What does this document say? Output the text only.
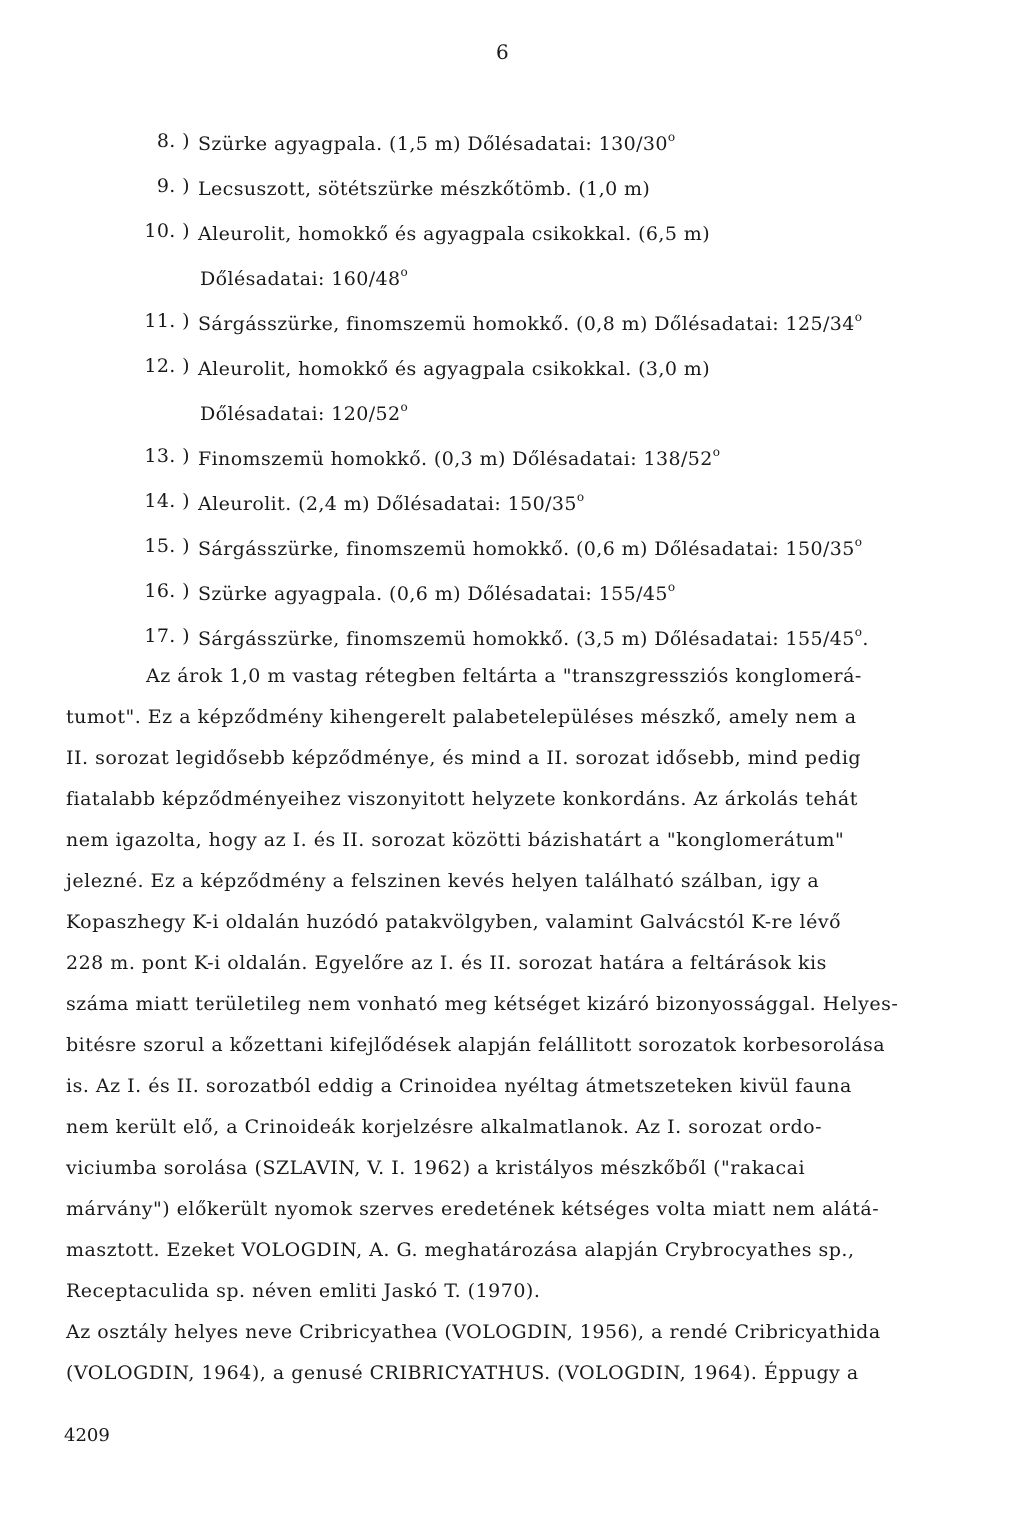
6
8. ) Szürke agyagpala. (1,5 m) Dőlésadatai: 130/30$^o$
9. ) Lecsuszott, sötétszürke mészkőtömb. (1,0 m)
10. ) Aleurolit, homokkő és agyagpala csikokkal. (6,5 m)
Dőlésadatai: 160/48$^o$
11. ) Sárgásszürke, finomszemü homokkő. (0,8 m) Dőlésadatai: 125/34$^o$
12. ) Aleurolit, homokkő és agyagpala csikokkal. (3,0 m)
Dőlésadatai: 120/52$^o$
13. ) Finomszemü homokkő. (0,3 m) Dőlésadatai: 138/52$^o$
14. ) Aleurolit. (2,4 m) Dőlésadatai: 150/35$^o$
15. ) Sárgásszürke, finomszemü homokkő. (0,6 m) Dőlésadatai: 150/35$^o$
16. ) Szürke agyagpala. (0,6 m) Dőlésadatai: 155/45$^o$
17. ) Sárgásszürke, finomszemü homokkő. (3,5 m) Dőlésadatai: 155/45$^o$.
Az árok 1,0 m vastag rétegben feltárta a "transzgressziós konglomerá-
tumot". Ez a képződmény kihengerelt palabetelepüléses mészkő, amely nem a
II. sorozat legidősebb képződménye, és mind a II. sorozat idősebb, mind pedig
fiatalabb képződményeihez viszonyitott helyzete konkordáns. Az árkolás tehát
nem igazolta, hogy az I. és II. sorozat közötti bázishatárt a "konglomerátum"
jelezné. Ez a képződmény a felszinen kevés helyen található szálban, igy a
Kopaszhegy K-i oldalán huzódó patakvölgyben, valamint Galvácstól K-re lévő
228 m. pont K-i oldalán. Egyelőre az I. és II. sorozat határa a feltárások kis
száma miatt területileg nem vonható meg kétséget kizáró bizonyossággal. Helyes-
bitésre szorul a kőzettani kifejlődések alapján felállitott sorozatok korbesorolása
is. Az I. és II. sorozatból eddig a Crinoidea nyéltag átmetszeteken kivül fauna
nem került elő, a Crinoideák korjelzésre alkalmatlanok. Az I. sorozat ordo-
viciumba sorolása (SZLAVIN, V. I. 1962) a kristályos mészkőből ("rakacai
márvány") előkerült nyomok szerves eredetének kétséges volta miatt nem alátá-
masztott. Ezeket VOLOGDIN, A. G. meghatározása alapján Crybrocyathes sp.,
Receptaculida sp. néven emliti Jaskó T. (1970).
Az osztály helyes neve Cribricyathea (VOLOGDIN, 1956), a rendé Cribricyathida
(VOLOGDIN, 1964), a genusé CRIBRICYATHUS. (VOLOGDIN, 1964). Éppugy a
4209
